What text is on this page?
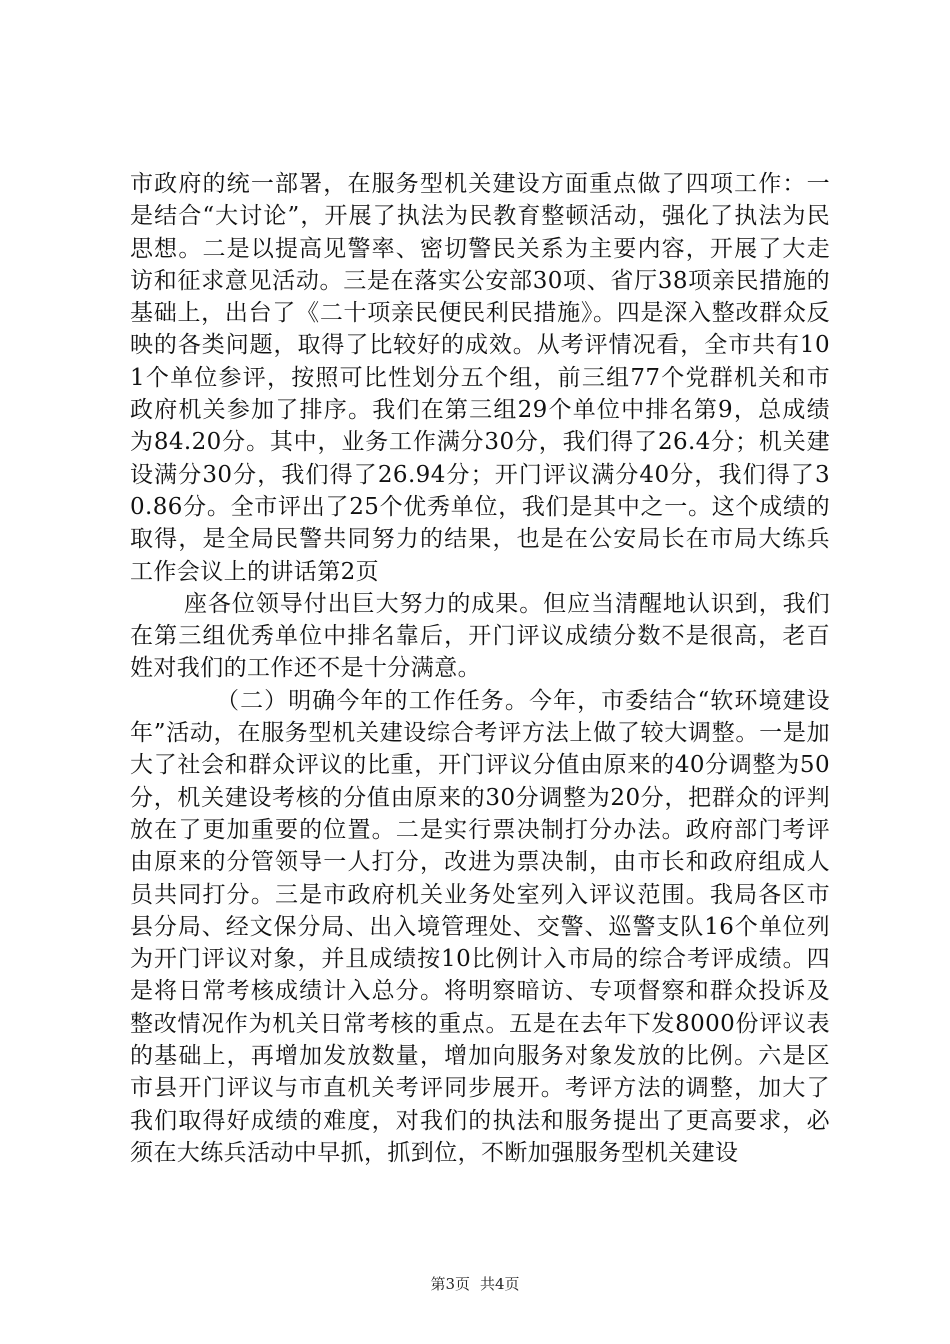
市政府的统一部署，在服务型机关建设方面重点做了四项工作：一是结合“大讨论”，开展了执法为民教育整顿活动，强化了执法为民思想。二是以提高见警率、密切警民关系为主要内容，开展了大走访和征求意见活动。三是在落实公安部30项、省厅38项亲民措施的基础上，出台了《二十项亲民便民利民措施》。四是深入整改群众反映的各类问题，取得了比较好的成效。从考评情况看，全市共有101个单位参评，按照可比性划分五个组，前三组77个党群机关和市政府机关参加了排序。我们在第三组29个单位中排名第9，总成绩为84.20分。其中，业务工作满分30分，我们得了26.4分；机关建设满分30分，我们得了26.94分；开门评议满分40分，我们得了30.86分。全市评出了25个优秀单位，我们是其中之一。这个成绩的取得，是全局民警共同努力的结果，也是在公安局长在市局大练兵工作会议上的讲话第2页

座各位领导付出巨大努力的成果。但应当清醒地认识到，我们在第三组优秀单位中排名靠后，开门评议成绩分数不是很高，老百姓对我们的工作还不是十分满意。

（二）明确今年的工作任务。今年，市委结合“软环境建设年”活动，在服务型机关建设综合考评方法上做了较大调整。一是加大了社会和群众评议的比重，开门评议分值由原来的40分调整为50分，机关建设考核的分值由原来的30分调整为20分，把群众的评判放在了更加重要的位置。二是实行票决制打分办法。政府部门考评由原来的分管领导一人打分，改进为票决制，由市长和政府组成人员共同打分。三是市政府机关业务处室列入评议范围。我局各区市县分局、经文保分局、出入境管理处、交警、巡警支队16个单位列为开门评议对象，并且成绩按10比例计入市局的综合考评成绩。四是将日常考核成绩计入总分。将明察暗访、专项督察和群众投诉及整改情况作为机关日常考核的重点。五是在去年下发8000份评议表的基础上，再增加发放数量，增加向服务对象发放的比例。六是区市县开门评议与市直机关考评同步展开。考评方法的调整，加大了我们取得好成绩的难度，对我们的执法和服务提出了更高要求，必须在大练兵活动中早抓，抓到位，不断加强服务型机关建设

第3页 共4页
